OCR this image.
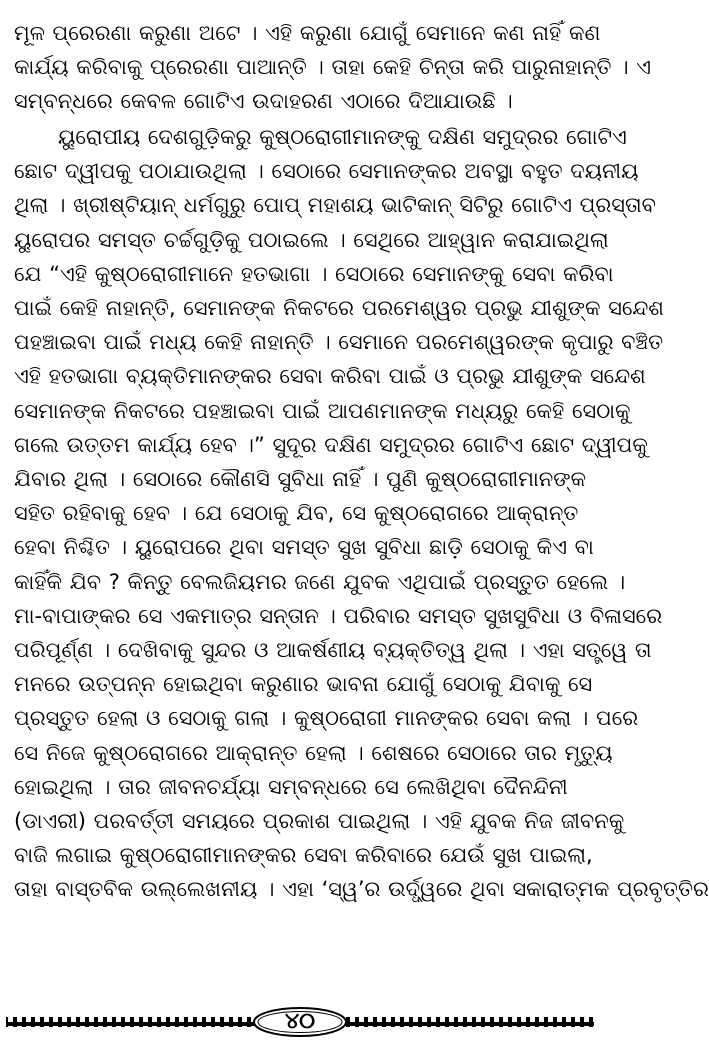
ମୂଳ ପ୍ରେରଣା କରୁଣା ଅଟେ । ଏହି କରୁଣା ଯୋଗୁଁ ସେମାନେ କଣ ନାହିଁ କଣ
କାର୍ଯ୍ୟ କରିବାକୁ ପ୍ରେରଣା ପାଆନ୍ତି । ତାହା କେହି ଚିନ୍ତା କରି ପାରୁନାହାନ୍ତି । ଏ
ସମ୍ବନ୍ଧରେ କେବଳ ଗୋଟିଏ ଉଦାହରଣ ଏଠାରେ ଦିଆଯାଉଛି ।
ୟୁରୋପୀୟ ଦେଶଗୁଡ଼ିକରୁ କୁଷ୍ଠରୋଗୀମାନଙ୍କୁ ଦକ୍ଷିଣ ସମୁଦ୍ରର ଗୋଟିଏ
ଛୋଟ ଦ୍ୱୀପକୁ ପଠାଯାଉଥିଲା । ସେଠାରେ ସେମାନଙ୍କର ଅବସ୍ଥା ବହୁତ ଦୟନୀୟ
ଥିଲା । ଖ୍ରୀଷ୍ଟିୟାନ୍ ଧର୍ମଗୁରୁ ପୋପ୍ ମହାଶୟ ଭାଟିକାନ୍ ସିଟିରୁ ଗୋଟିଏ ପ୍ରସ୍ତାବ
ୟୁରୋପର ସମସ୍ତ ଚର୍ଚ୍ଚଗୁଡ଼ିକୁ ପଠାଇଲେ । ସେଥିରେ ଆହ୍ୱାନ କରାଯାଇଥିଲା
ଯେ “ଏହି କୁଷ୍ଠରୋଗୀମାନେ ହତଭାଗା । ସେଠାରେ ସେମାନଙ୍କୁ ସେବା କରିବା
ପାଇଁ କେହି ନାହାନ୍ତି, ସେମାନଙ୍କ ନିକଟରେ ପରମେଶ୍ୱର ପ୍ରଭୁ ଯୀଶୁଙ୍କ ସନ୍ଦେଶ
ପହଞ୍ଚାଇବା ପାଇଁ ମଧ୍ୟ କେହି ନାହାନ୍ତି । ସେମାନେ ପରମେଶ୍ୱରଙ୍କ କୃପାରୁ ବଞ୍ଚିତ
ଏହି ହତଭାଗା ବ୍ୟକ୍ତିମାନଙ୍କର ସେବା କରିବା ପାଇଁ ଓ ପ୍ରଭୁ ଯୀଶୁଙ୍କ ସନ୍ଦେଶ
ସେମାନଙ୍କ ନିକଟରେ ପହଞ୍ଚାଇବା ପାଇଁ ଆପଣମାନଙ୍କ ମଧ୍ୟରୁ କେହି ସେଠାକୁ
ଗଲେ ଉତ୍ତମ କାର୍ଯ୍ୟ ହେବ ।” ସୁଦୂର ଦକ୍ଷିଣ ସମୁଦ୍ରର ଗୋଟିଏ ଛୋଟ ଦ୍ୱୀପକୁ
ଯିବାର ଥିଲା । ସେଠାରେ କୌଣସି ସୁବିଧା ନାହିଁ । ପୁଣି କୁଷ୍ଠରୋଗୀମାନଙ୍କ
ସହିତ ରହିବାକୁ ହେବ । ଯେ ସେଠାକୁ ଯିବ, ସେ କୁଷ୍ଠରୋଗରେ ଆକ୍ରାନ୍ତ
ହେବା ନିଶ୍ଚିତ । ୟୁରୋପରେ ଥିବା ସମସ୍ତ ସୁଖ ସୁବିଧା ଛାଡ଼ି ସେଠାକୁ କିଏ ବା
କାହିଁକି ଯିବ ? କିନ୍ତୁ ବେଲଜିୟମର ଜଣେ ଯୁବକ ଏଥିପାଇଁ ପ୍ରସ୍ତୁତ ହେଲେ ।
ମା-ବାପାଙ୍କର ସେ ଏକମାତ୍ର ସନ୍ତାନ । ପରିବାର ସମସ୍ତ ସୁଖସୁବିଧା ଓ ବିଳାସରେ
ପରିପୂର୍ଣ୍ଣ । ଦେଖିବାକୁ ସୁନ୍ଦର ଓ ଆକର୍ଷଣୀୟ ବ୍ୟକ୍ତିତ୍ୱ ଥିଲା । ଏହା ସତ୍ତ୍ୱେ ତା
ମନରେ ଉତ୍ପନ୍ନ ହୋଇଥିବା କରୁଣାର ଭାବନା ଯୋଗୁଁ ସେଠାକୁ ଯିବାକୁ ସେ
ପ୍ରସ୍ତୁତ ହେଲା ଓ ସେଠାକୁ ଗଲା । କୁଷ୍ଠରୋଗୀ ମାନଙ୍କର ସେବା କଲା । ପରେ
ସେ ନିଜେ କୁଷ୍ଠରୋଗରେ ଆକ୍ରାନ୍ତ ହେଲା । ଶେଷରେ ସେଠାରେ ତାର ମୃତ୍ୟୁ
ହୋଇଥିଲା । ତାର ଜୀବନଚର୍ଯ୍ୟା ସମ୍ବନ୍ଧରେ ସେ ଲେଖିଥିବା ଦୈନନ୍ଦିନୀ
(ଡାଏରୀ) ପରବର୍ତ୍ତୀ ସମୟରେ ପ୍ରକାଶ ପାଇଥିଲା । ଏହି ଯୁବକ ନିଜ ଜୀବନକୁ
ବାଜି ଲଗାଇ କୁଷ୍ଠରୋଗୀମାନଙ୍କର ସେବା କରିବାରେ ଯେଉଁ ସୁଖ ପାଇଲା,
ତାହା ବାସ୍ତବିକ ଉଲ୍ଲେଖନୀୟ । ଏହା ‘ସ୍ୱ’ର ଉର୍ଦ୍ଧ୍ୱରେ ଥିବା ସକାରାତ୍ମକ ପ୍ରବୃତ୍ତିର
୪୦
